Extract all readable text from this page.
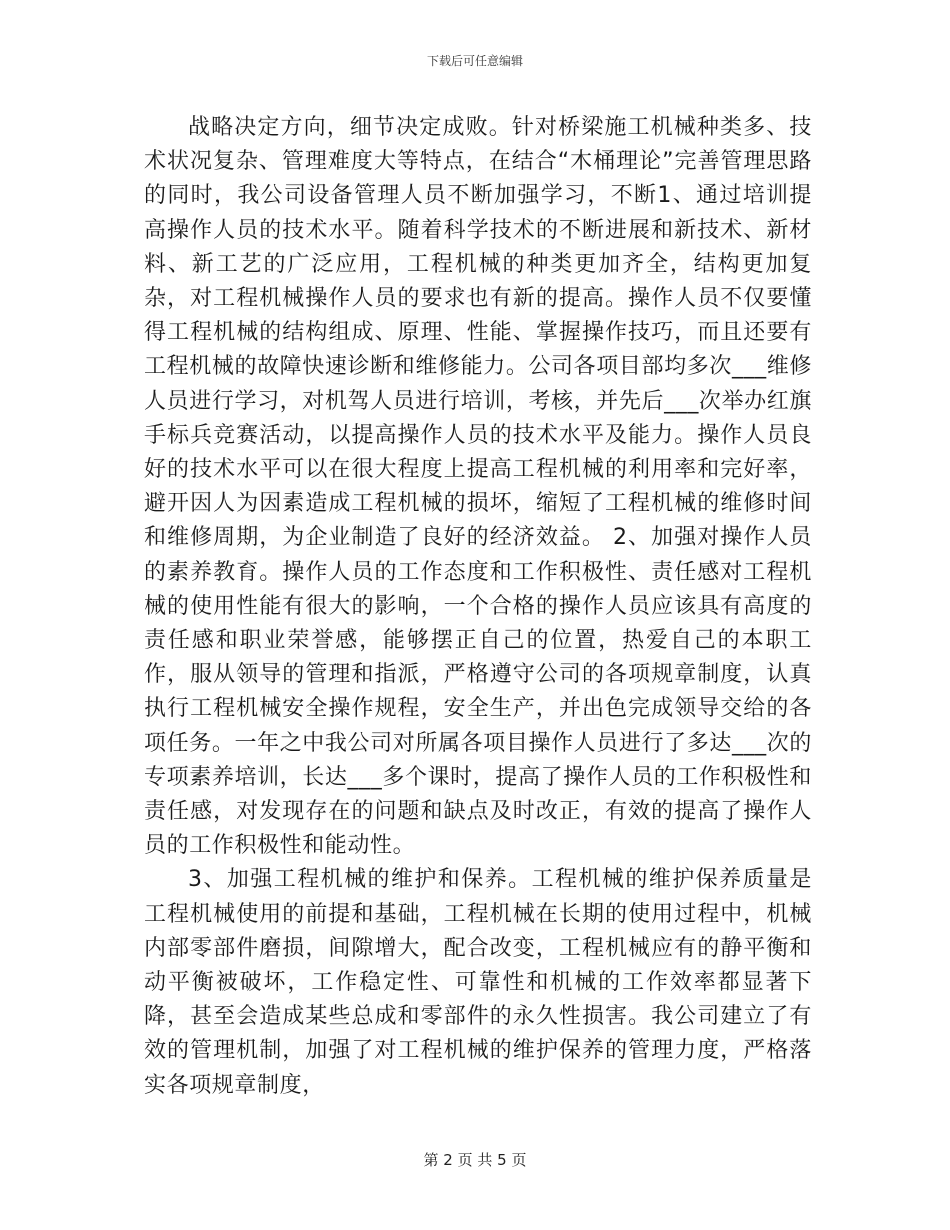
下载后可任意编辑

战略决定方向，细节决定成败。针对桥梁施工机械种类多、技术状况复杂、管理难度大等特点，在结合“木桶理论”完善管理思路的同时，我公司设备管理人员不断加强学习，不断1、通过培训提高操作人员的技术水平。随着科学技术的不断进展和新技术、新材料、新工艺的广泛应用，工程机械的种类更加齐全，结构更加复杂，对工程机械操作人员的要求也有新的提高。操作人员不仅要懂得工程机械的结构组成、原理、性能、掌握操作技巧，而且还要有工程机械的故障快速诊断和维修能力。公司各项目部均多次___维修人员进行学习，对机驾人员进行培训，考核，并先后___次举办红旗手标兵竞赛活动，以提高操作人员的技术水平及能力。操作人员良好的技术水平可以在很大程度上提高工程机械的利用率和完好率，避开因人为因素造成工程机械的损坏，缩短了工程机械的维修时间和维修周期，为企业制造了良好的经济效益。 2、加强对操作人员的素养教育。操作人员的工作态度和工作积极性、责任感对工程机械的使用性能有很大的影响，一个合格的操作人员应该具有高度的责任感和职业荣誉感，能够摆正自己的位置，热爱自己的本职工作，服从领导的管理和指派，严格遵守公司的各项规章制度，认真执行工程机械安全操作规程，安全生产，并出色完成领导交给的各项任务。一年之中我公司对所属各项目操作人员进行了多达___次的专项素养培训，长达___多个课时，提高了操作人员的工作积极性和责任感，对发现存在的问题和缺点及时改正，有效的提高了操作人员的工作积极性和能动性。

3、加强工程机械的维护和保养。工程机械的维护保养质量是工程机械使用的前提和基础，工程机械在长期的使用过程中，机械内部零部件磨损，间隙增大，配合改变，工程机械应有的静平衡和动平衡被破坏，工作稳定性、可靠性和机械的工作效率都显著下降，甚至会造成某些总成和零部件的永久性损害。我公司建立了有效的管理机制，加强了对工程机械的维护保养的管理力度，严格落实各项规章制度，

第 2 页 共 5 页
